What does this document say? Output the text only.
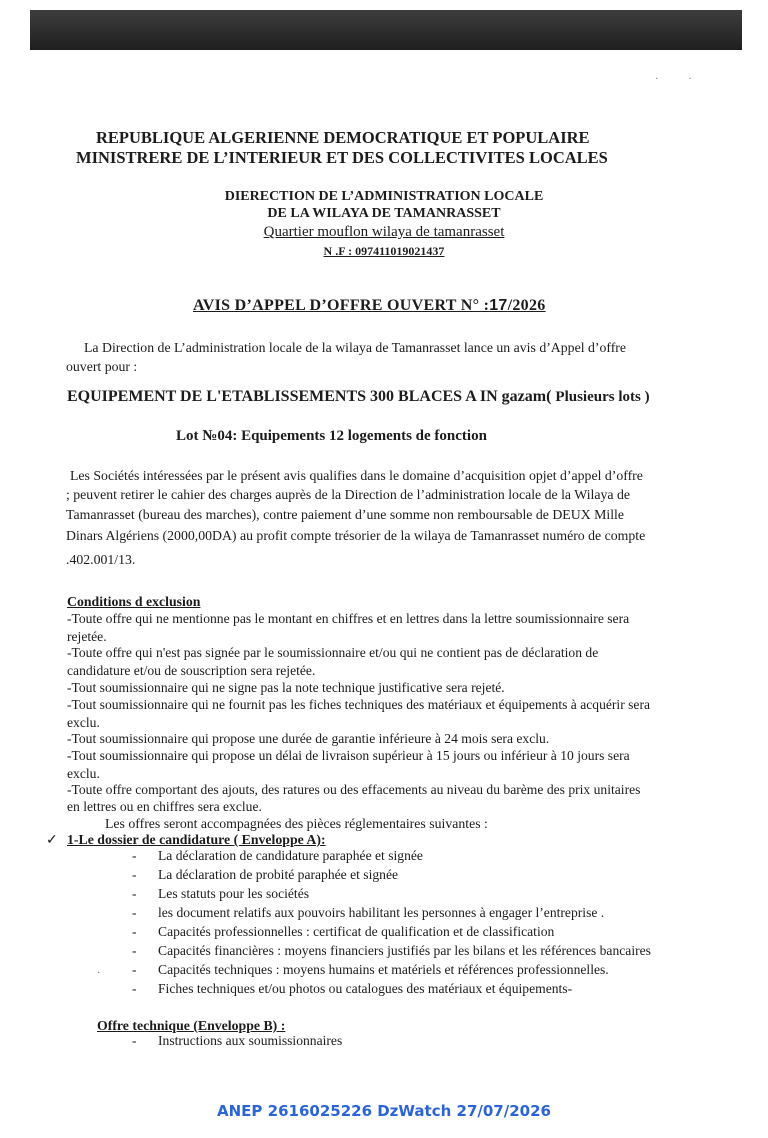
··
REPUBLIQUE ALGERIENNE DEMOCRATIQUE ET POPULAIRE
MINISTRERE DE L’INTERIEUR ET DES COLLECTIVITES LOCALES
DIERECTION DE L’ADMINISTRATION LOCALE
DE LA WILAYA DE TAMANRASSET
Quartier mouflon wilaya de tamanrasset
N .F : 097411019021437
AVIS D’APPEL D’OFFRE OUVERT N° :17/2026
La Direction de L’administration locale de la wilaya de Tamanrasset lance un avis d’Appel d’offre
ouvert pour :
EQUIPEMENT DE L'ETABLISSEMENTS 300 BLACES A IN gazam( Plusieurs lots )
Lot №04: Equipements 12 logements de fonction
Les Sociétés intéressées par le présent avis qualifies dans le domaine d’acquisition opjet d’appel d’offre
; peuvent retirer le cahier des charges auprès de la Direction de l’administration locale de la Wilaya de
Tamanrasset (bureau des marches), contre paiement d’une somme non remboursable de DEUX Mille
Dinars Algériens (2000,00DA) au profit compte trésorier de la wilaya de Tamanrasset numéro de compte
.402.001/13.
Conditions d exclusion
-Toute offre qui ne mentionne pas le montant en chiffres et en lettres dans la lettre soumissionnaire sera
rejetée.
-Toute offre qui n'est pas signée par le soumissionnaire et/ou qui ne contient pas de déclaration de
candidature et/ou de souscription sera rejetée.
-Tout soumissionnaire qui ne signe pas la note technique justificative sera rejeté.
-Tout soumissionnaire qui ne fournit pas les fiches techniques des matériaux et équipements à acquérir sera
exclu.
-Tout soumissionnaire qui propose une durée de garantie inférieure à 24 mois sera exclu.
-Tout soumissionnaire qui propose un délai de livraison supérieur à 15 jours ou inférieur à 10 jours sera
exclu.
-Toute offre comportant des ajouts, des ratures ou des effacements au niveau du barème des prix unitaires
en lettres ou en chiffres sera exclue.
Les offres seront accompagnées des pièces réglementaires suivantes :
✓ 1-Le dossier de candidature ( Enveloppe A):
- La déclaration de candidature paraphée et signée
- La déclaration de probité paraphée et signée
- Les statuts pour les sociétés
- les document relatifs aux pouvoirs habilitant les personnes à engager l’entreprise .
- Capacités professionnelles : certificat de qualification et de classification
- Capacités financières : moyens financiers justifiés par les bilans et les références bancaires
- Capacités techniques : moyens humains et matériels et références professionnelles.
- Fiches techniques et/ou photos ou catalogues des matériaux et équipements-
·
Offre technique (Enveloppe B) :
- Instructions aux soumissionnaires
ANEP 2616025226 DzWatch 27/07/2026
